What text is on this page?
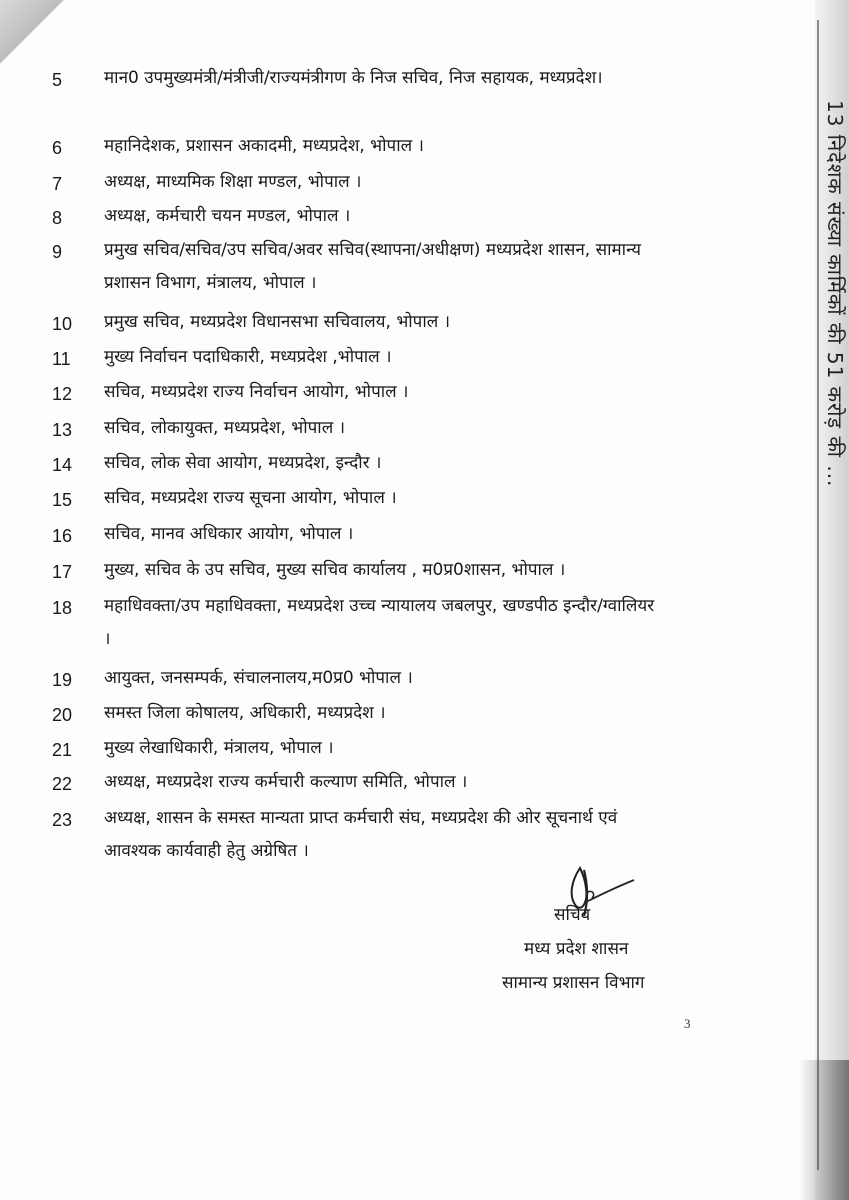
13 निदेशक संख्या कार्मिकों की 51 करोड़ की ...
5	मान0 उपमुख्यमंत्री/मंत्रीजी/राज्यमंत्रीगण के निज सचिव, निज सहायक, मध्यप्रदेश।
6	महानिदेशक, प्रशासन अकादमी, मध्यप्रदेश, भोपाल ।
7	अध्यक्ष, माध्यमिक शिक्षा मण्डल, भोपाल ।
8	अध्यक्ष, कर्मचारी चयन मण्डल, भोपाल ।
9	प्रमुख सचिव/सचिव/उप सचिव/अवर सचिव(स्थापना/अधीक्षण) मध्यप्रदेश शासन, सामान्य प्रशासन विभाग, मंत्रालय, भोपाल ।
10	प्रमुख सचिव, मध्यप्रदेश विधानसभा सचिवालय, भोपाल ।
11	मुख्य निर्वाचन पदाधिकारी, मध्यप्रदेश ,भोपाल ।
12	सचिव, मध्यप्रदेश राज्य निर्वाचन आयोग, भोपाल ।
13	सचिव, लोकायुक्त, मध्यप्रदेश, भोपाल ।
14	सचिव, लोक सेवा आयोग, मध्यप्रदेश, इन्दौर ।
15	सचिव, मध्यप्रदेश राज्य सूचना आयोग, भोपाल ।
16	सचिव, मानव अधिकार आयोग, भोपाल ।
17	मुख्य, सचिव के उप सचिव, मुख्य सचिव कार्यालय , म0प्र0शासन, भोपाल ।
18	महाधिवक्ता/उप महाधिवक्ता, मध्यप्रदेश उच्च न्यायालय जबलपुर, खण्डपीठ इन्दौर/ग्वालियर ।
19	आयुक्त, जनसम्पर्क, संचालनालय,म0प्र0 भोपाल ।
20	समस्त जिला कोषालय, अधिकारी, मध्यप्रदेश ।
21	मुख्य लेखाधिकारी, मंत्रालय, भोपाल ।
22	अध्यक्ष, मध्यप्रदेश राज्य कर्मचारी कल्याण समिति, भोपाल ।
23	अध्यक्ष, शासन के समस्त मान्यता प्राप्त कर्मचारी संघ, मध्यप्रदेश की ओर सूचनार्थ एवं आवश्यक कार्यवाही हेतु अग्रेषित ।
सचिव
मध्य प्रदेश शासन
सामान्य प्रशासन विभाग
3
